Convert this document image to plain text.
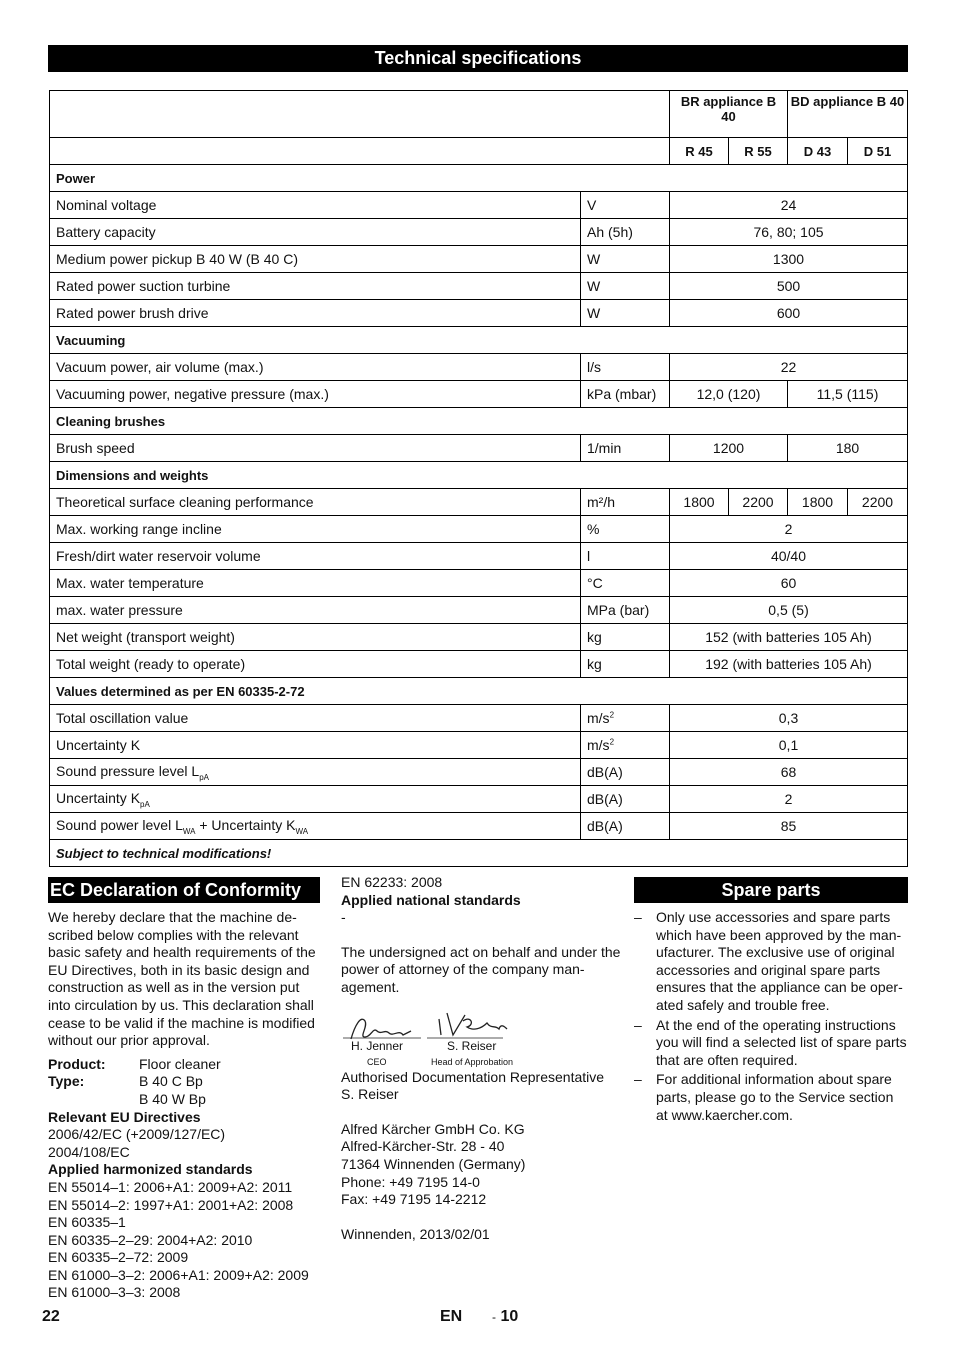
Technical specifications
		BR appliance B 40		BD appliance B 40	
		R 45	R 55	D 43	D 51
Power					
Nominal voltage	V	24			
Battery capacity	Ah (5h)	76, 80; 105			
Medium power pickup B 40 W (B 40 C)	W	1300			
Rated power suction turbine	W	500			
Rated power brush drive	W	600			
Vacuuming					
Vacuum power, air volume (max.)	l/s	22			
Vacuuming power, negative pressure (max.)	kPa (mbar)	12,0 (120)		11,5 (115)	
Cleaning brushes					
Brush speed	1/min	1200		180	
Dimensions and weights					
Theoretical surface cleaning performance	m²/h	1800	2200	1800	2200
Max. working range incline	%	2			
Fresh/dirt water reservoir volume	l	40/40			
Max. water temperature	°C	60			
max. water pressure	MPa (bar)	0,5 (5)			
Net weight (transport weight)	kg	152 (with batteries 105 Ah)			
Total weight (ready to operate)	kg	192 (with batteries 105 Ah)			
Values determined as per EN 60335-2-72					
Total oscillation value	$m/s^2$	0,3			
Uncertainty K	$m/s^2$	0,1			
Sound pressure level $L_{pA}$	dB(A)	68			
Uncertainty $K_{pA}$	dB(A)	2			
Sound power level $L_{WA}$ + Uncertainty $K_{WA}$	dB(A)	85			
Subject to technical modifications!					
EC Declaration of Conformity

We hereby declare that the machine described below complies with the relevant basic safety and health requirements of the EU Directives, both in its basic design and construction as well as in the version put into circulation by us. This declaration shall cease to be valid if the machine is modified without our prior approval.

Product:	Floor cleaner
Type:	B 40 C Bp
B 40 W Bp
Relevant EU Directives
2006/42/EC (+2009/127/EC)
2004/108/EC
Applied harmonized standards
EN 55014–1: 2006+A1: 2009+A2: 2011
EN 55014–2: 1997+A1: 2001+A2: 2008
EN 60335–1
EN 60335–2–29: 2004+A2: 2010
EN 60335–2–72: 2009
EN 61000–3–2: 2006+A1: 2009+A2: 2009
EN 61000–3–3: 2008
EN 62233: 2008
Applied national standards
-

The undersigned act on behalf and under the power of attorney of the company management.

H. Jenner
CEO
S. Reiser
Head of Approbation
Authorised Documentation Representative
S. Reiser
Alfred Kärcher GmbH Co. KG
Alfred-Kärcher-Str. 28 - 40
71364 Winnenden (Germany)
Phone: +49 7195 14-0
Fax: +49 7195 14-2212
Winnenden, 2013/02/01
Spare parts
– Only use accessories and spare parts which have been approved by the manufacturer. The exclusive use of original accessories and original spare parts ensures that the appliance can be operated safely and trouble free.
– At the end of the operating instructions you will find a selected list of spare parts that are often required.
– For additional information about spare parts, please go to the Service section at www.kaercher.com.
22	EN - 10
